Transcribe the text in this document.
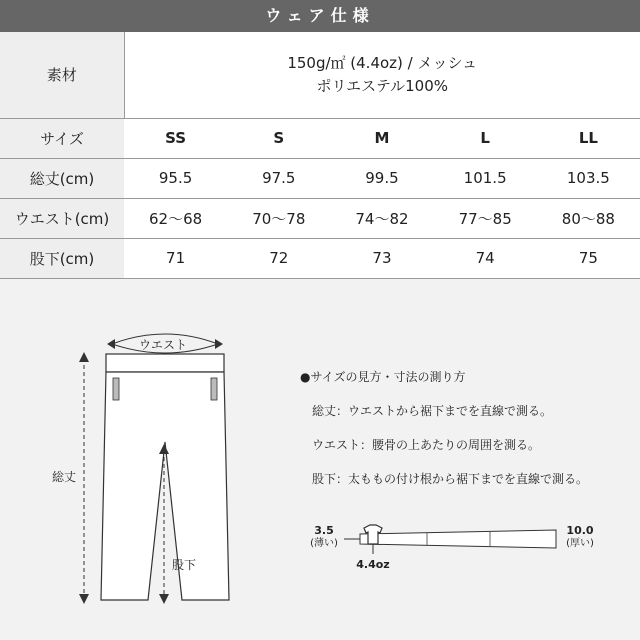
ウェア仕様
素材	150g/㎡ (4.4oz) / メッシュ
ポリエステル100%				

サイズ	SS	S	M	L	LL
総丈(cm)	95.5	97.5	99.5	101.5	103.5
ウエスト(cm)	62〜68	70〜78	74〜82	77〜85	80〜88
股下(cm)	71	72	73	74	75
ウエスト
総丈
股下
●サイズの見方・寸法の測り方
総丈：ウエストから裾下までを直線で測る。
ウエスト：腰骨の上あたりの周囲を測る。
股下：太ももの付け根から裾下までを直線で測る。
3.5
(薄い)
10.0
(厚い)
4.4oz
